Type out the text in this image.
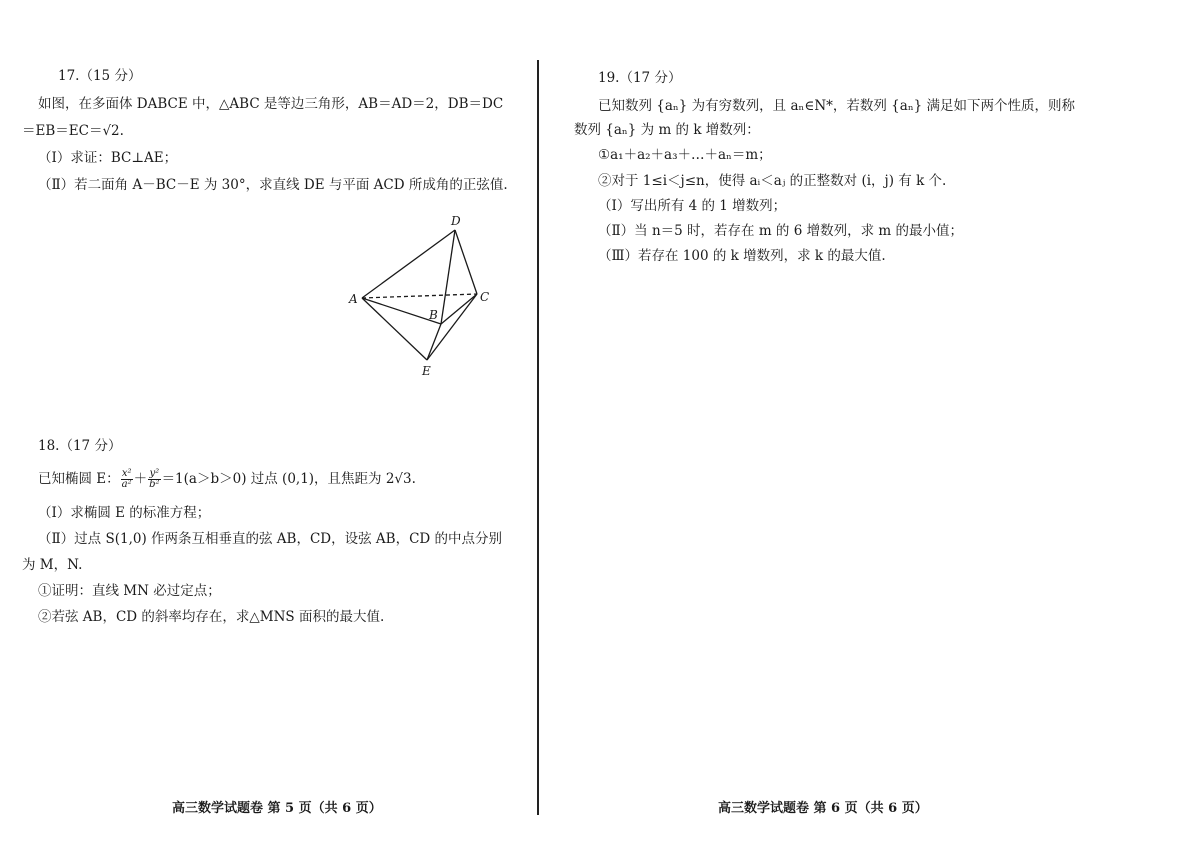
17.（15 分）
如图，在多面体 DABCE 中，△ABC 是等边三角形，AB＝AD＝2，DB＝DC
＝EB＝EC＝√2.
（Ⅰ）求证：BC⊥AE；
（Ⅱ）若二面角 A－BC－E 为 30°，求直线 DE 与平面 ACD 所成角的正弦值.
D
A
B
C
E
18.（17 分）
已知椭圆 E： $\frac{\text{x²}}{\text{a²}} + \frac{\text{y²}}{\text{b²}} =1(a>b>0)$ 过点 (0,1)，且焦距为 2√3.
（Ⅰ）求椭圆 E 的标准方程；
（Ⅱ）过点 S(1,0) 作两条互相垂直的弦 AB，CD，设弦 AB，CD 的中点分别
为 M，N.
①证明：直线 MN 必过定点；
②若弦 AB，CD 的斜率均存在，求△MNS 面积的最大值.
高三数学试题卷 第 5 页（共 6 页）
19.（17 分）
已知数列 {aₙ} 为有穷数列，且 aₙ∈N*，若数列 {aₙ} 满足如下两个性质，则称
数列 {aₙ} 为 m 的 k 增数列：
①a₁＋a₂＋a₃＋…＋aₙ＝m；
②对于 1≤i＜j≤n，使得 aᵢ＜aⱼ 的正整数对 (i，j) 有 k 个.
（Ⅰ）写出所有 4 的 1 增数列；
（Ⅱ）当 n＝5 时，若存在 m 的 6 增数列，求 m 的最小值；
（Ⅲ）若存在 100 的 k 增数列，求 k 的最大值.
高三数学试题卷 第 6 页（共 6 页）
